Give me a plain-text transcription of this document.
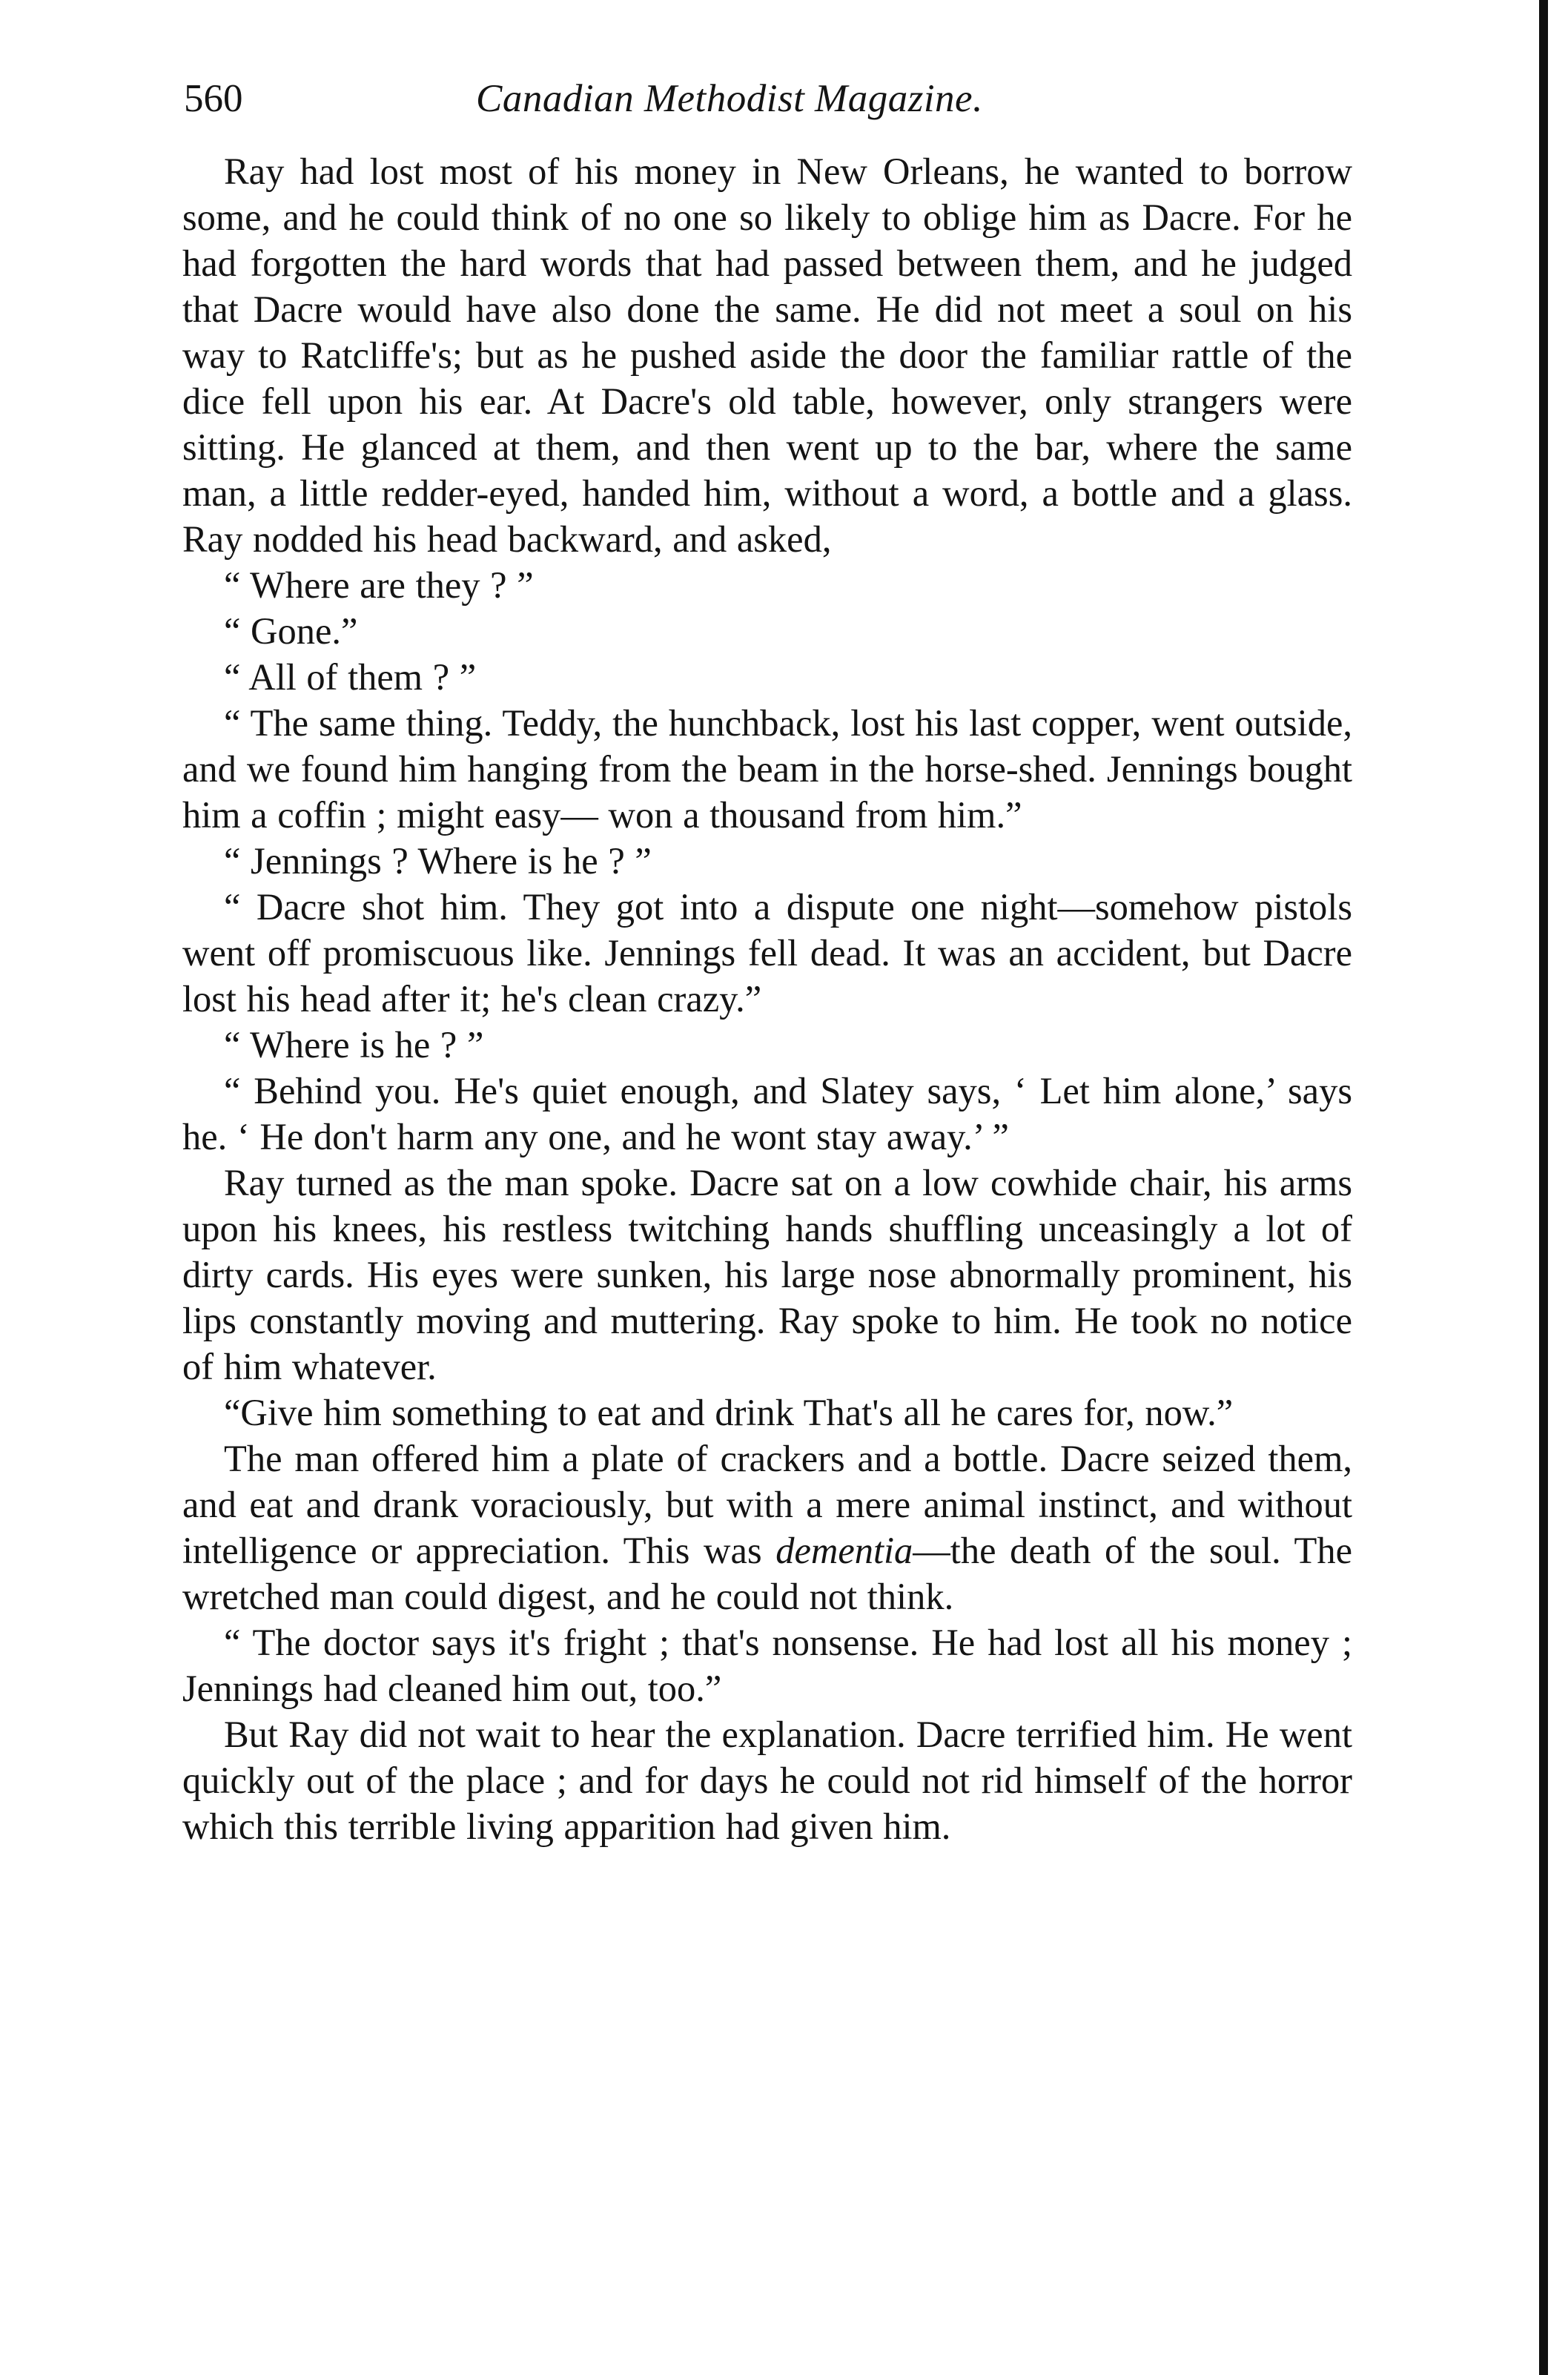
560	Canadian Methodist Magazine.

Ray had lost most of his money in New Orleans, he wanted to borrow some, and he could think of no one so likely to oblige him as Dacre. For he had forgotten the hard words that had passed between them, and he judged that Dacre would have also done the same. He did not meet a soul on his way to Ratcliffe's; but as he pushed aside the door the familiar rattle of the dice fell upon his ear. At Dacre's old table, however, only strangers were sitting. He glanced at them, and then went up to the bar, where the same man, a little redder-eyed, handed him, without a word, a bottle and a glass. Ray nodded his head backward, and asked,

“ Where are they ? ”

“ Gone.”

“ All of them ? ”

“ The same thing. Teddy, the hunchback, lost his last copper, went outside, and we found him hanging from the beam in the horse-shed. Jennings bought him a coffin ; might easy— won a thousand from him.”

“ Jennings ? Where is he ? ”

“ Dacre shot him. They got into a dispute one night—somehow pistols went off promiscuous like. Jennings fell dead. It was an accident, but Dacre lost his head after it; he's clean crazy.”

“ Where is he ? ”

“ Behind you. He's quiet enough, and Slatey says, ‘ Let him alone,’ says he. ‘ He don't harm any one, and he wont stay away.’ ”

Ray turned as the man spoke. Dacre sat on a low cowhide chair, his arms upon his knees, his restless twitching hands shuffling unceasingly a lot of dirty cards. His eyes were sunken, his large nose abnormally prominent, his lips constantly moving and muttering. Ray spoke to him. He took no notice of him whatever.

“Give him something to eat and drink That's all he cares for, now.”

The man offered him a plate of crackers and a bottle. Dacre seized them, and eat and drank voraciously, but with a mere animal instinct, and without intelligence or appreciation. This was dementia—the death of the soul. The wretched man could digest, and he could not think.

“ The doctor says it's fright ; that's nonsense. He had lost all his money ; Jennings had cleaned him out, too.”

But Ray did not wait to hear the explanation. Dacre terrified him. He went quickly out of the place ; and for days he could not rid himself of the horror which this terrible living apparition had given him.
